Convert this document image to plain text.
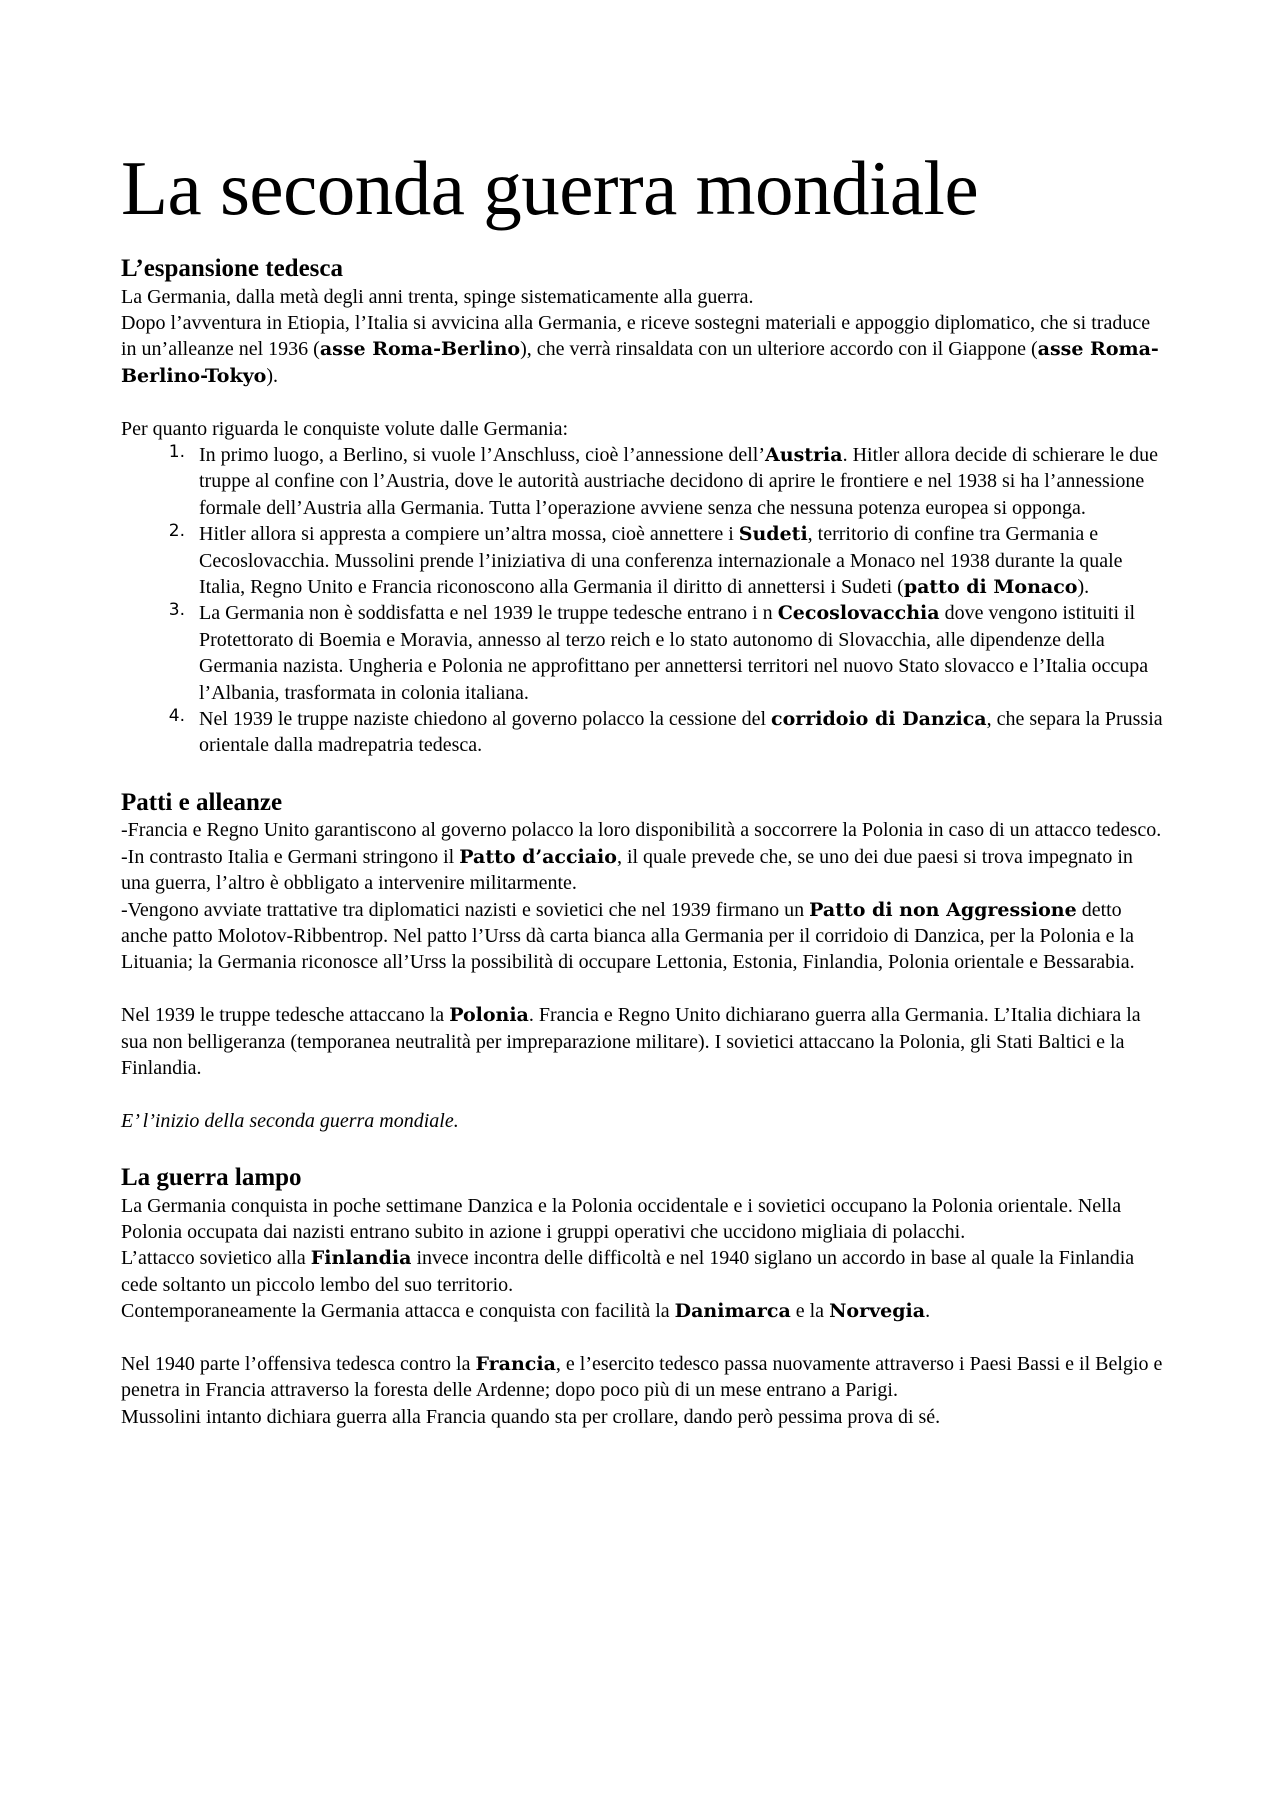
La seconda guerra mondiale
L’espansione tedesca

La Germania, dalla metà degli anni trenta, spinge sistematicamente alla guerra.

Dopo l’avventura in Etiopia, l’Italia si avvicina alla Germania, e riceve sostegni materiali e appoggio diplomatico, che si traduce in un’alleanze nel 1936 (asse Roma-Berlino), che verrà rinsaldata con un ulteriore accordo con il Giappone (asse Roma-Berlino-Tokyo).

Per quanto riguarda le conquiste volute dalle Germania:

1. In primo luogo, a Berlino, si vuole l’Anschluss, cioè l’annessione dell’Austria. Hitler allora decide di schierare le due truppe al confine con l’Austria, dove le autorità austriache decidono di aprire le frontiere e nel 1938 si ha l’annessione formale dell’Austria alla Germania. Tutta l’operazione avviene senza che nessuna potenza europea si opponga.
2. Hitler allora si appresta a compiere un’altra mossa, cioè annettere i Sudeti, territorio di confine tra Germania e Cecoslovacchia. Mussolini prende l’iniziativa di una conferenza internazionale a Monaco nel 1938 durante la quale Italia, Regno Unito e Francia riconoscono alla Germania il diritto di annettersi i Sudeti (patto di Monaco).
3. La Germania non è soddisfatta e nel 1939 le truppe tedesche entrano i n Cecoslovacchia dove vengono istituiti il Protettorato di Boemia e Moravia, annesso al terzo reich e lo stato autonomo di Slovacchia, alle dipendenze della Germania nazista. Ungheria e Polonia ne approfittano per annettersi territori nel nuovo Stato slovacco e l’Italia occupa l’Albania, trasformata in colonia italiana.
4. Nel 1939 le truppe naziste chiedono al governo polacco la cessione del corridoio di Danzica, che separa la Prussia orientale dalla madrepatria tedesca.
Patti e alleanze

-Francia e Regno Unito garantiscono al governo polacco la loro disponibilità a soccorrere la Polonia in caso di un attacco tedesco.

-In contrasto Italia e Germani stringono il Patto d’acciaio, il quale prevede che, se uno dei due paesi si trova impegnato in una guerra, l’altro è obbligato a intervenire militarmente.

-Vengono avviate trattative tra diplomatici nazisti e sovietici che nel 1939 firmano un Patto di non Aggressione detto anche patto Molotov-Ribbentrop. Nel patto l’Urss dà carta bianca alla Germania per il corridoio di Danzica, per la Polonia e la Lituania; la Germania riconosce all’Urss la possibilità di occupare Lettonia, Estonia, Finlandia, Polonia orientale e Bessarabia.

Nel 1939 le truppe tedesche attaccano la Polonia. Francia e Regno Unito dichiarano guerra alla Germania. L’Italia dichiara la sua non belligeranza (temporanea neutralità per impreparazione militare). I sovietici attaccano la Polonia, gli Stati Baltici e la Finlandia.

E’ l’inizio della seconda guerra mondiale.

La guerra lampo

La Germania conquista in poche settimane Danzica e la Polonia occidentale e i sovietici occupano la Polonia orientale. Nella Polonia occupata dai nazisti entrano subito in azione i gruppi operativi che uccidono migliaia di polacchi.

L’attacco sovietico alla Finlandia invece incontra delle difficoltà e nel 1940 siglano un accordo in base al quale la Finlandia cede soltanto un piccolo lembo del suo territorio.

Contemporaneamente la Germania attacca e conquista con facilità la Danimarca e la Norvegia.

Nel 1940 parte l’offensiva tedesca contro la Francia, e l’esercito tedesco passa nuovamente attraverso i Paesi Bassi e il Belgio e penetra in Francia attraverso la foresta delle Ardenne; dopo poco più di un mese entrano a Parigi.

Mussolini intanto dichiara guerra alla Francia quando sta per crollare, dando però pessima prova di sé.
